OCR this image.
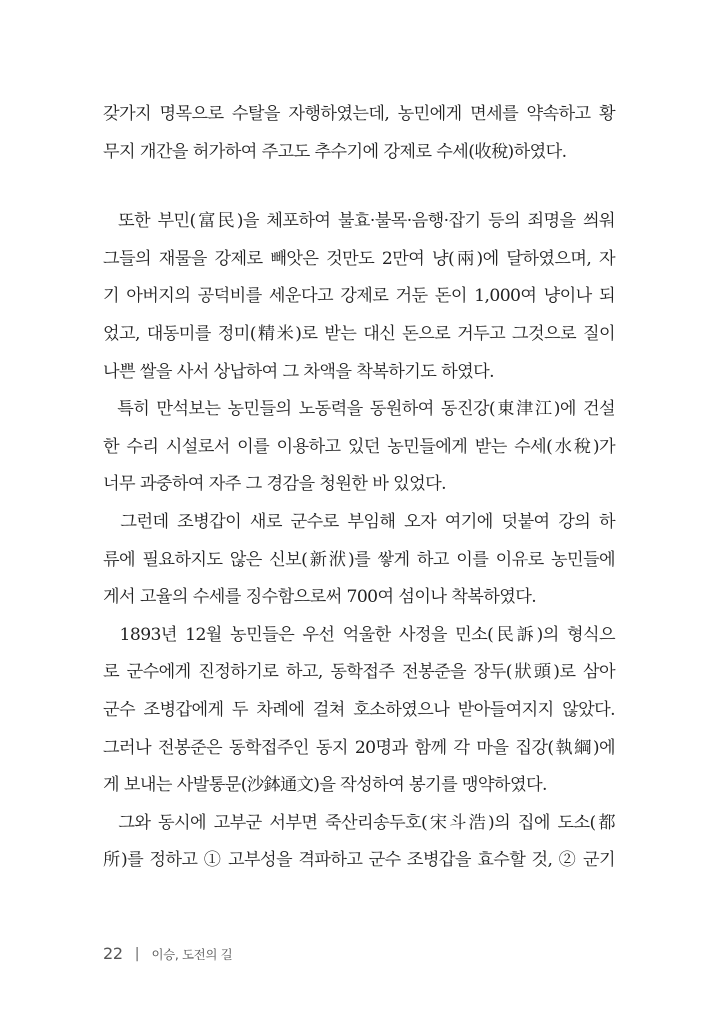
갖가지 명목으로 수탈을 자행하였는데, 농민에게 면세를 약속하고 황
무지 개간을 허가하여 주고도 추수기에 강제로 수세(收稅)하였다.
또한 부민(富民)을 체포하여 불효·불목·음행·잡기 등의 죄명을 씌워
그들의 재물을 강제로 빼앗은 것만도 2만여 냥(兩)에 달하였으며, 자
기 아버지의 공덕비를 세운다고 강제로 거둔 돈이 1,000여 냥이나 되
었고, 대동미를 정미(精米)로 받는 대신 돈으로 거두고 그것으로 질이
나쁜 쌀을 사서 상납하여 그 차액을 착복하기도 하였다.
특히 만석보는 농민들의 노동력을 동원하여 동진강(東津江)에 건설
한 수리 시설로서 이를 이용하고 있던 농민들에게 받는 수세(水稅)가
너무 과중하여 자주 그 경감을 청원한 바 있었다.
그런데 조병갑이 새로 군수로 부임해 오자 여기에 덧붙여 강의 하
류에 필요하지도 않은 신보(新洑)를 쌓게 하고 이를 이유로 농민들에
게서 고율의 수세를 징수함으로써 700여 섬이나 착복하였다.
1893년 12월 농민들은 우선 억울한 사정을 민소(民訴)의 형식으
로 군수에게 진정하기로 하고, 동학접주 전봉준을 장두(狀頭)로 삼아
군수 조병갑에게 두 차례에 걸쳐 호소하였으나 받아들여지지 않았다.
그러나 전봉준은 동학접주인 동지 20명과 함께 각 마을 집강(執綱)에
게 보내는 사발통문(沙鉢通文)을 작성하여 봉기를 맹약하였다.
그와 동시에 고부군 서부면 죽산리송두호(宋斗浩)의 집에 도소(都
所)를 정하고 ① 고부성을 격파하고 군수 조병갑을 효수할 것, ② 군기
22 | 이승, 도전의 길
